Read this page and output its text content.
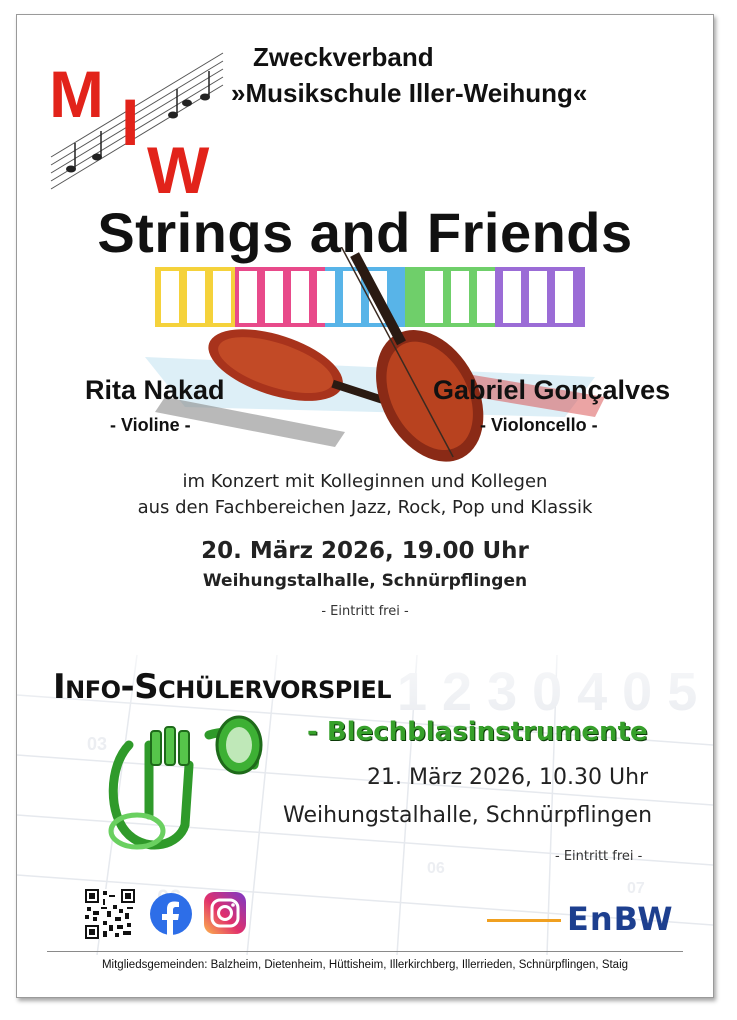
M I
W
Zweckverband
»Musikschule Iller-Weihung«
Strings and Friends
Rita Nakad
- Violine -
Gabriel Gonçalves
- Violoncello -
im Konzert mit Kolleginnen und Kollegen
aus den Fachbereichen Jazz, Rock, Pop und Klassik
20. März 2026, 19.00 Uhr
Weihungstalhalle, Schnürpflingen
- Eintritt frei -
Info-Schülervorspiel
- Blechblasinstrumente
21. März 2026, 10.30 Uhr
Weihungstalhalle, Schnürpflingen
- Eintritt frei -
EnBW
Mitgliedsgemeinden: Balzheim, Dietenheim, Hüttisheim, Illerkirchberg, Illerrieden, Schnürpflingen, Staig
